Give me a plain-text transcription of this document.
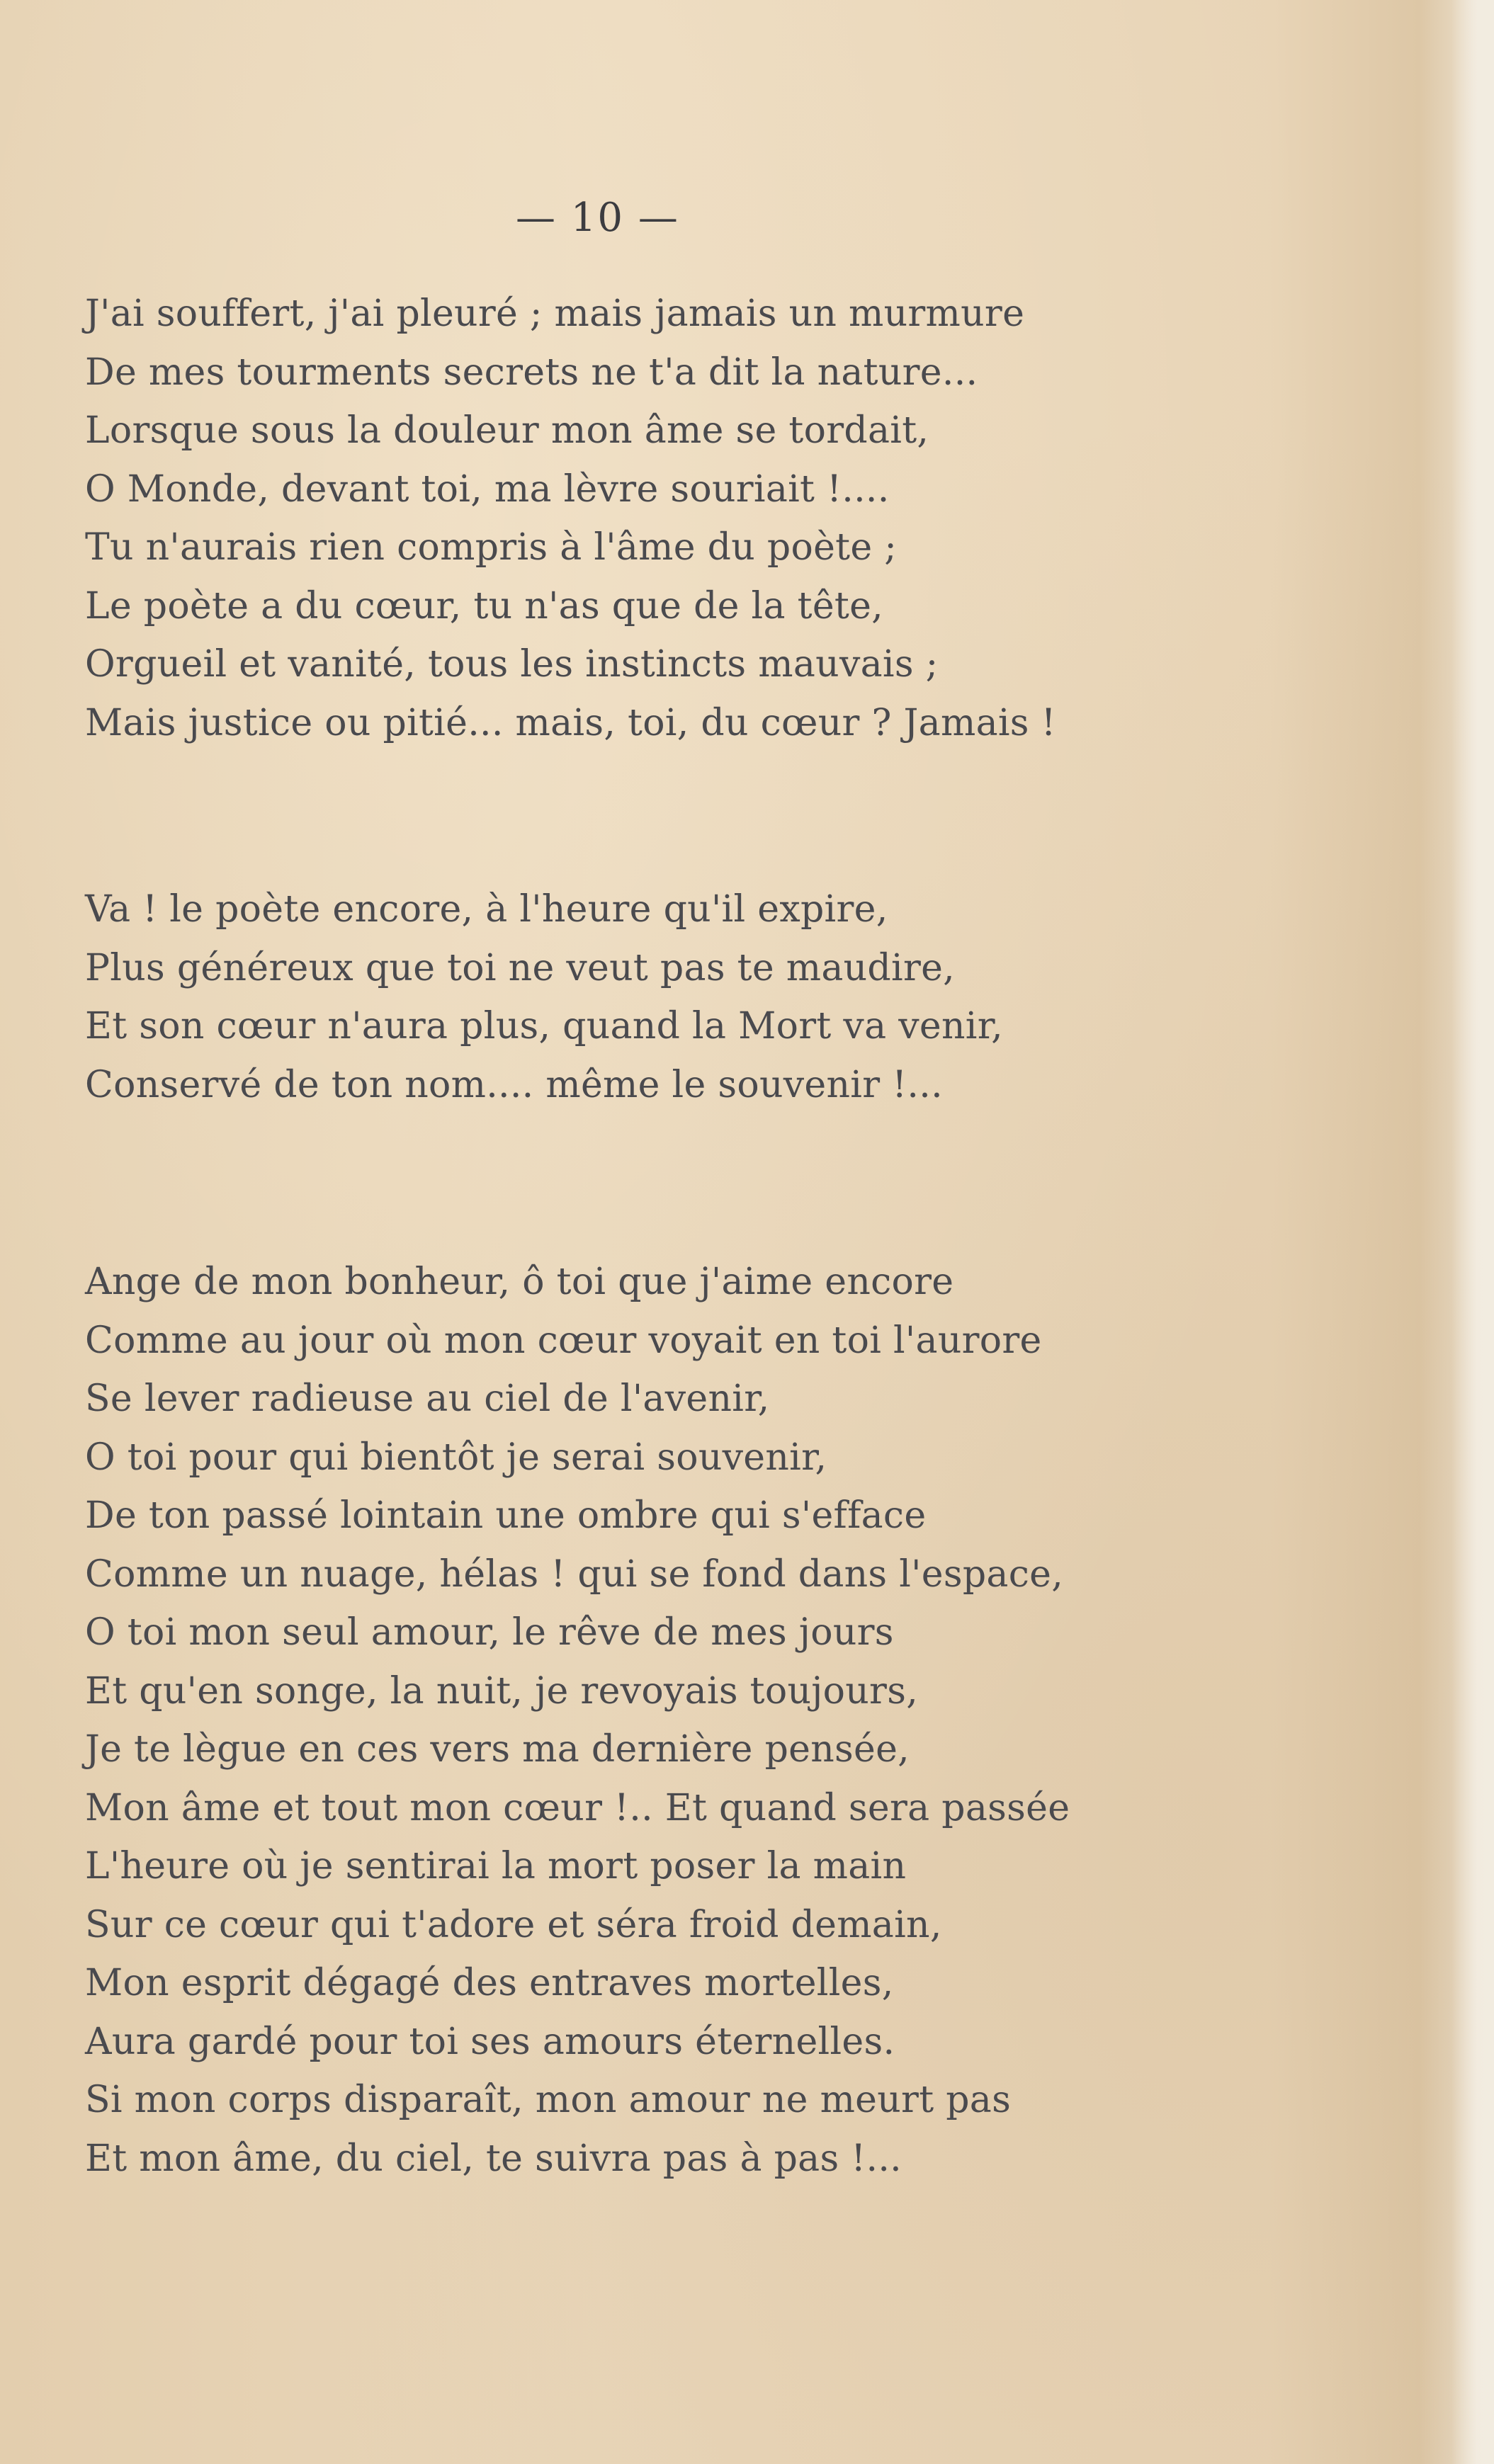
— 10 —
J'ai souffert, j'ai pleuré ; mais jamais un murmure
De mes tourments secrets ne t'a dit la nature...
Lorsque sous la douleur mon âme se tordait,
O Monde, devant toi, ma lèvre souriait !....
Tu n'aurais rien compris à l'âme du poète ;
Le poète a du cœur, tu n'as que de la tête,
Orgueil et vanité, tous les instincts mauvais ;
Mais justice ou pitié... mais, toi, du cœur ? Jamais !
Va ! le poète encore, à l'heure qu'il expire,
Plus généreux que toi ne veut pas te maudire,
Et son cœur n'aura plus, quand la Mort va venir,
Conservé de ton nom.... même le souvenir !...
Ange de mon bonheur, ô toi que j'aime encore
Comme au jour où mon cœur voyait en toi l'aurore
Se lever radieuse au ciel de l'avenir,
O toi pour qui bientôt je serai souvenir,
De ton passé lointain une ombre qui s'efface
Comme un nuage, hélas ! qui se fond dans l'espace,
O toi mon seul amour, le rêve de mes jours
Et qu'en songe, la nuit, je revoyais toujours,
Je te lègue en ces vers ma dernière pensée,
Mon âme et tout mon cœur !.. Et quand sera passée
L'heure où je sentirai la mort poser la main
Sur ce cœur qui t'adore et séra froid demain,
Mon esprit dégagé des entraves mortelles,
Aura gardé pour toi ses amours éternelles.
Si mon corps disparaît, mon amour ne meurt pas
Et mon âme, du ciel, te suivra pas à pas !...
